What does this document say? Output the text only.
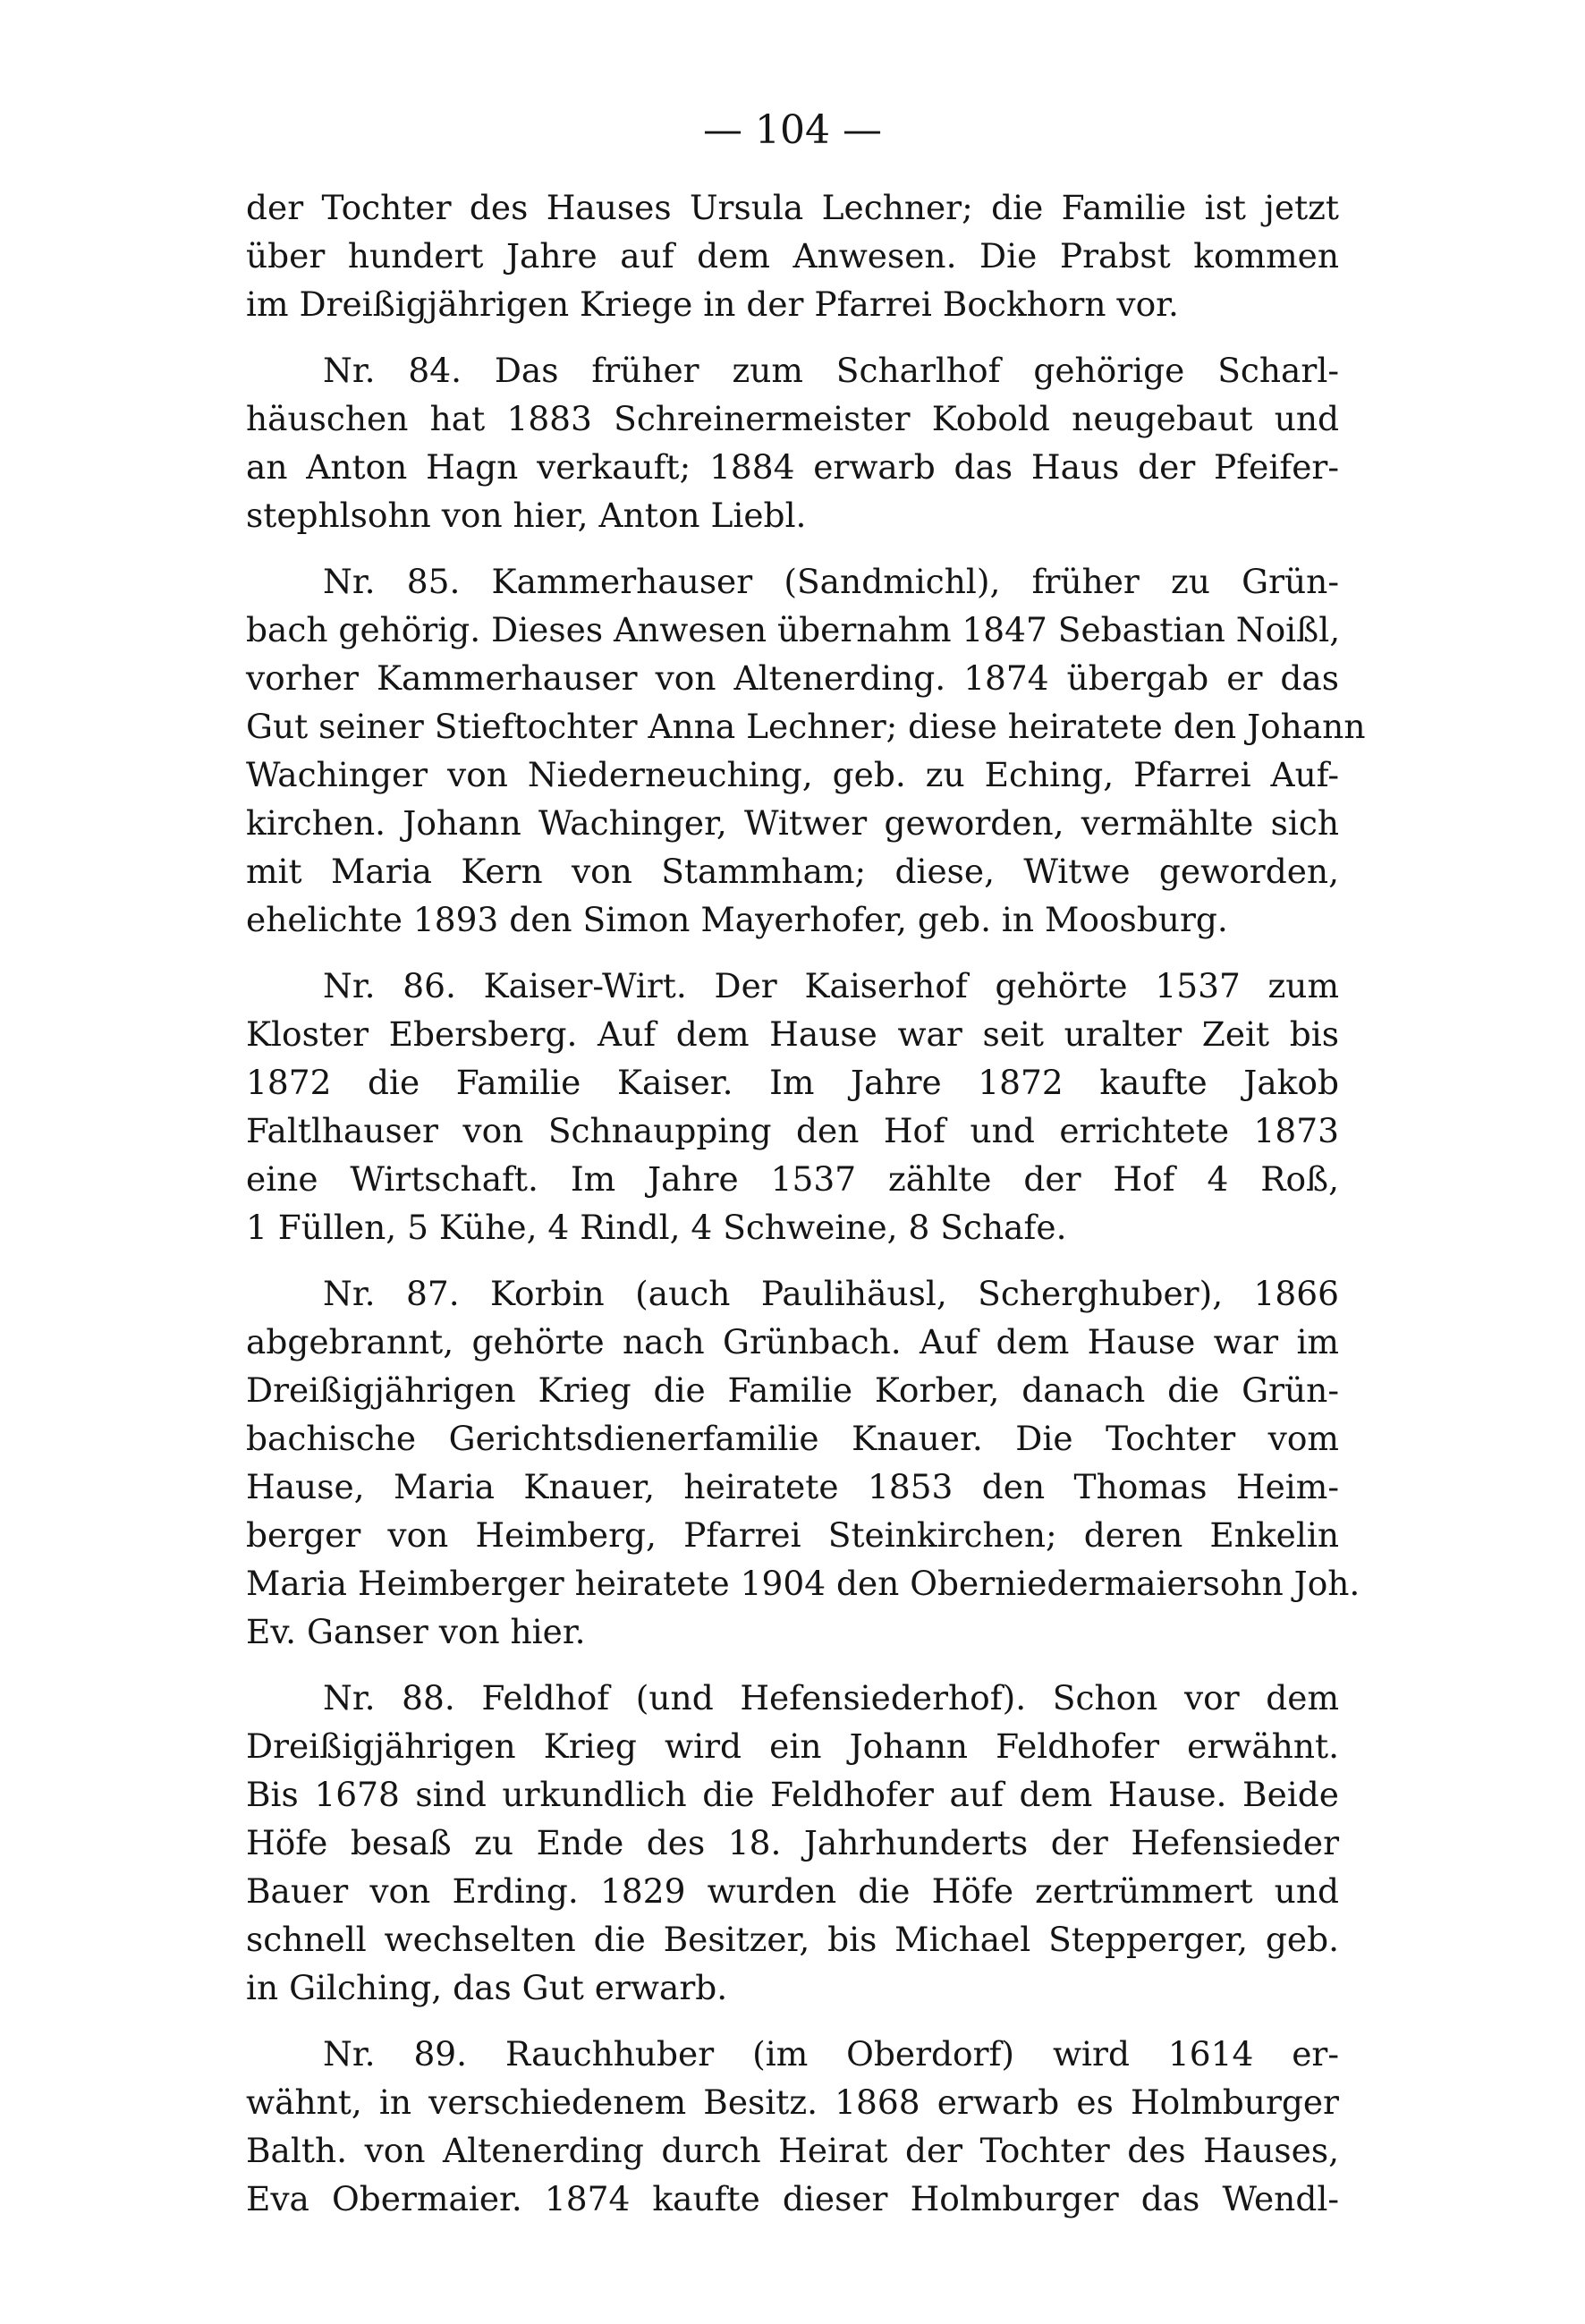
— 104 —
der Tochter des Hauses Ursula Lechner; die Familie ist jetzt
über hundert Jahre auf dem Anwesen. Die Prabst kommen
im Dreißigjährigen Kriege in der Pfarrei Bockhorn vor.
Nr. 84. Das früher zum Scharlhof gehörige Scharl-
häuschen hat 1883 Schreinermeister Kobold neugebaut und
an Anton Hagn verkauft; 1884 erwarb das Haus der Pfeifer-
stephlsohn von hier, Anton Liebl.
Nr. 85. Kammerhauser (Sandmichl), früher zu Grün-
bach gehörig. Dieses Anwesen übernahm 1847 Sebastian Noißl,
vorher Kammerhauser von Altenerding. 1874 übergab er das
Gut seiner Stieftochter Anna Lechner; diese heiratete den Johann
Wachinger von Niederneuching, geb. zu Eching, Pfarrei Auf-
kirchen. Johann Wachinger, Witwer geworden, vermählte sich
mit Maria Kern von Stammham; diese, Witwe geworden,
ehelichte 1893 den Simon Mayerhofer, geb. in Moosburg.
Nr. 86. Kaiser-Wirt. Der Kaiserhof gehörte 1537 zum
Kloster Ebersberg. Auf dem Hause war seit uralter Zeit bis
1872 die Familie Kaiser. Im Jahre 1872 kaufte Jakob
Faltlhauser von Schnaupping den Hof und errichtete 1873
eine Wirtschaft. Im Jahre 1537 zählte der Hof 4 Roß,
1 Füllen, 5 Kühe, 4 Rindl, 4 Schweine, 8 Schafe.
Nr. 87. Korbin (auch Paulihäusl, Scherghuber), 1866
abgebrannt, gehörte nach Grünbach. Auf dem Hause war im
Dreißigjährigen Krieg die Familie Korber, danach die Grün-
bachische Gerichtsdienerfamilie Knauer. Die Tochter vom
Hause, Maria Knauer, heiratete 1853 den Thomas Heim-
berger von Heimberg, Pfarrei Steinkirchen; deren Enkelin
Maria Heimberger heiratete 1904 den Oberniedermaiersohn Joh.
Ev. Ganser von hier.
Nr. 88. Feldhof (und Hefensiederhof). Schon vor dem
Dreißigjährigen Krieg wird ein Johann Feldhofer erwähnt.
Bis 1678 sind urkundlich die Feldhofer auf dem Hause. Beide
Höfe besaß zu Ende des 18. Jahrhunderts der Hefensieder
Bauer von Erding. 1829 wurden die Höfe zertrümmert und
schnell wechselten die Besitzer, bis Michael Stepperger, geb.
in Gilching, das Gut erwarb.
Nr. 89. Rauchhuber (im Oberdorf) wird 1614 er-
wähnt, in verschiedenem Besitz. 1868 erwarb es Holmburger
Balth. von Altenerding durch Heirat der Tochter des Hauses,
Eva Obermaier. 1874 kaufte dieser Holmburger das Wendl-
